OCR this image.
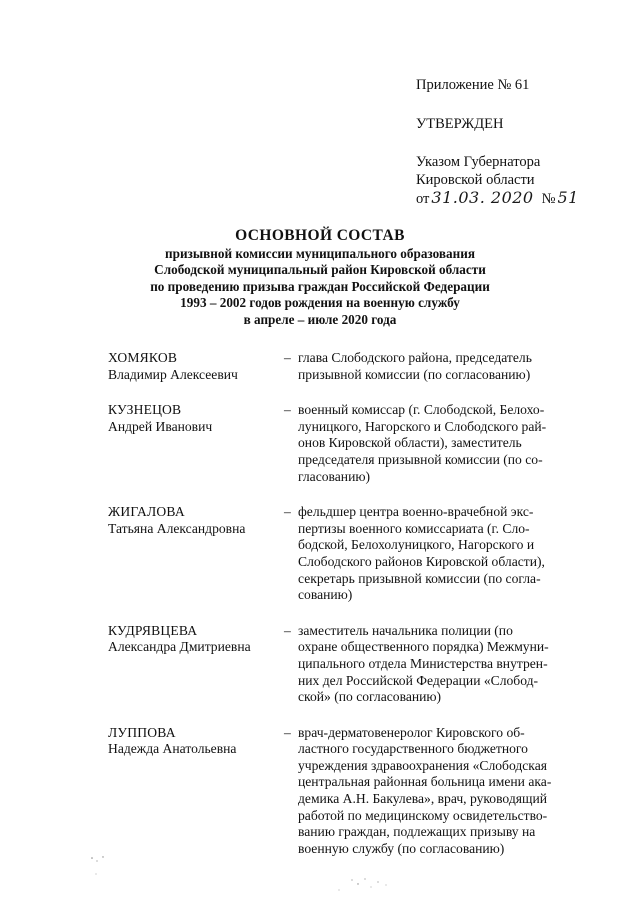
Приложение № 61
УТВЕРЖДЕН
Указом Губернатора
Кировской области
от 31.03. 2020 № 51
ОСНОВНОЙ СОСТАВ
призывной комиссии муниципального образования
Слободской муниципальный район Кировской области
по проведению призыва граждан Российской Федерации
1993 – 2002 годов рождения на военную службу
в апреле – июле 2020 года
ХОМЯКОВ
Владимир Алексеевич
– глава Слободского района, председатель
призывной комиссии (по согласованию)
КУЗНЕЦОВ
Андрей Иванович
– военный комиссар (г. Слободской, Белохо-
луницкого, Нагорского и Слободского рай-
онов Кировской области), заместитель
председателя призывной комиссии (по со-
гласованию)
ЖИГАЛОВА
Татьяна Александровна
– фельдшер центра военно-врачебной экс-
пертизы военного комиссариата (г. Сло-
бодской, Белохолуницкого, Нагорского и
Слободского районов Кировской области),
секретарь призывной комиссии (по согла-
сованию)
КУДРЯВЦЕВА
Александра Дмитриевна
– заместитель начальника полиции (по
охране общественного порядка) Межмуни-
ципального отдела Министерства внутрен-
них дел Российской Федерации «Слобод-
ской» (по согласованию)
ЛУППОВА
Надежда Анатольевна
– врач-дерматовенеролог Кировского об-
ластного государственного бюджетного
учреждения здравоохранения «Слободская
центральная районная больница имени ака-
демика А.Н. Бакулева», врач, руководящий
работой по медицинскому освидетельство-
ванию граждан, подлежащих призыву на
военную службу (по согласованию)
